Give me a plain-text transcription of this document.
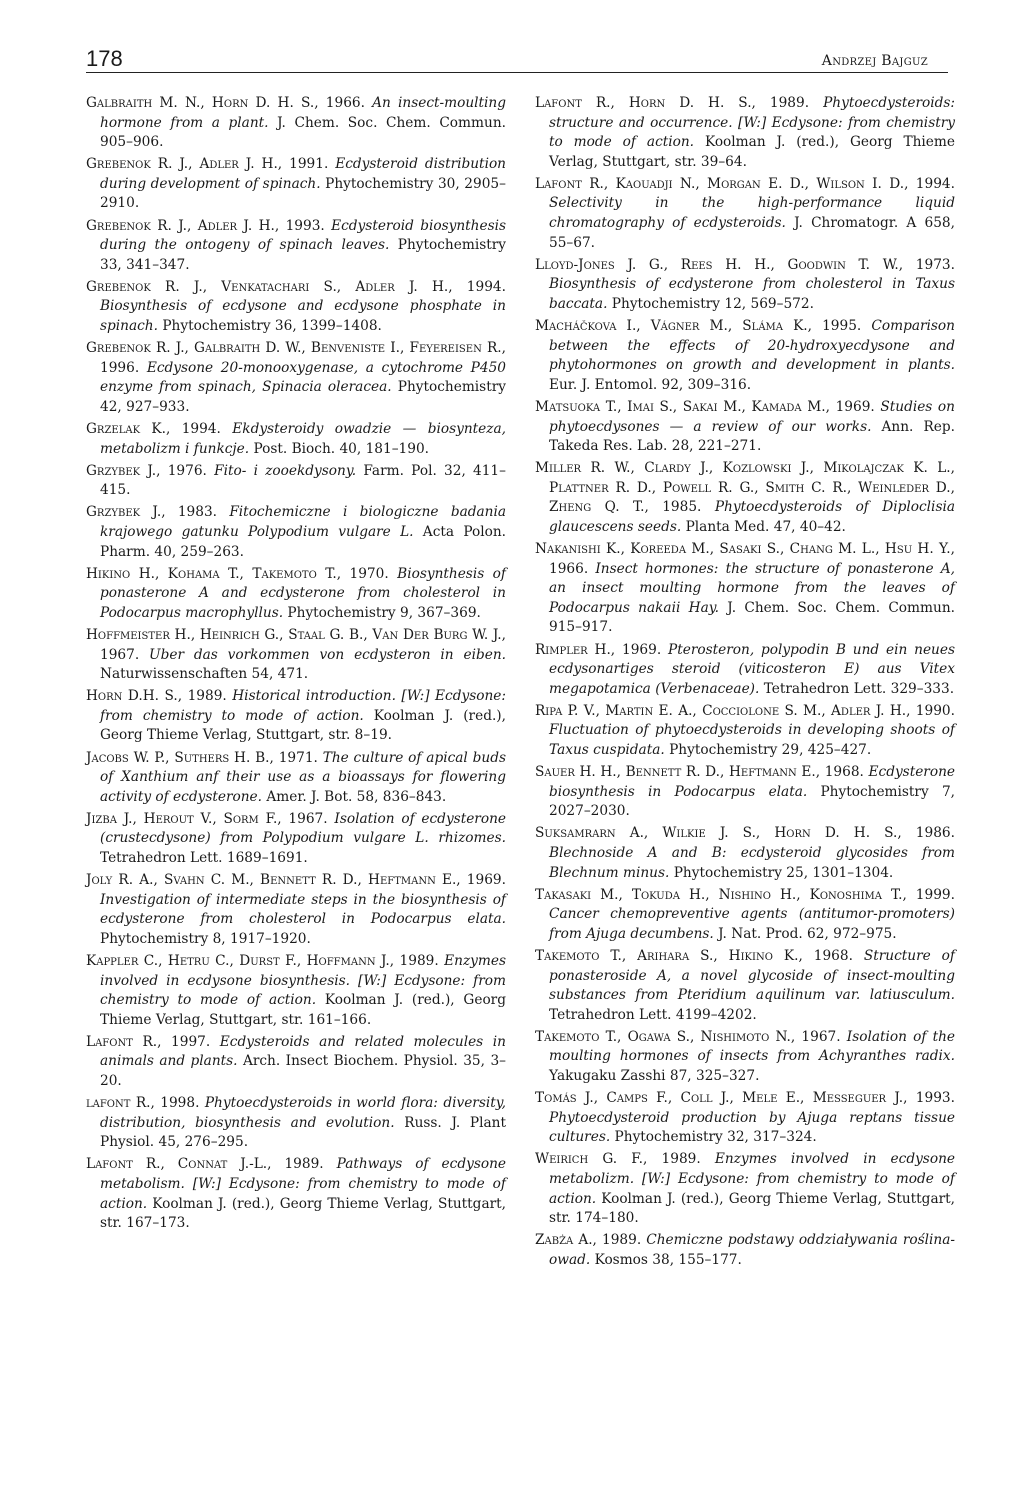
178	Andrzej Bajguz

Galbraith M. N., Horn D. H. S., 1966. An insect-moulting hormone from a plant. J. Chem. Soc. Chem. Commun. 905–906.

Grebenok R. J., Adler J. H., 1991. Ecdysteroid distribution during development of spinach. Phytochemistry 30, 2905–2910.

Grebenok R. J., Adler J. H., 1993. Ecdysteroid biosynthesis during the ontogeny of spinach leaves. Phytochemistry 33, 341–347.

Grebenok R. J., Venkatachari S., Adler J. H., 1994. Biosynthesis of ecdysone and ecdysone phosphate in spinach. Phytochemistry 36, 1399–1408.

Grebenok R. J., Galbraith D. W., Benveniste I., Feyereisen R., 1996. Ecdysone 20-monooxygenase, a cytochrome P450 enzyme from spinach, Spinacia oleracea. Phytochemistry 42, 927–933.

Grzelak K., 1994. Ekdysteroidy owadzie — biosynteza, metabolizm i funkcje. Post. Bioch. 40, 181–190.

Grzybek J., 1976. Fito- i zooekdysony. Farm. Pol. 32, 411–415.

Grzybek J., 1983. Fitochemiczne i biologiczne badania krajowego gatunku Polypodium vulgare L. Acta Polon. Pharm. 40, 259–263.

Hikino H., Kohama T., Takemoto T., 1970. Biosynthesis of ponasterone A and ecdysterone from cholesterol in Podocarpus macrophyllus. Phytochemistry 9, 367–369.

Hoffmeister H., Heinrich G., Staal G. B., Van Der Burg W. J., 1967. Uber das vorkommen von ecdysteron in eiben. Naturwissenschaften 54, 471.

Horn D.H. S., 1989. Historical introduction. [W:] Ecdysone: from chemistry to mode of action. Koolman J. (red.), Georg Thieme Verlag, Stuttgart, str. 8–19.

Jacobs W. P., Suthers H. B., 1971. The culture of apical buds of Xanthium anf their use as a bioassays for flowering activity of ecdysterone. Amer. J. Bot. 58, 836–843.

Jizba J., Herout V., Sorm F., 1967. Isolation of ecdysterone (crustecdysone) from Polypodium vulgare L. rhizomes. Tetrahedron Lett. 1689–1691.

Joly R. A., Svahn C. M., Bennett R. D., Heftmann E., 1969. Investigation of intermediate steps in the biosynthesis of ecdysterone from cholesterol in Podocarpus elata. Phytochemistry 8, 1917–1920.

Kappler C., Hetru C., Durst F., Hoffmann J., 1989. Enzymes involved in ecdysone biosynthesis. [W:] Ecdysone: from chemistry to mode of action. Koolman J. (red.), Georg Thieme Verlag, Stuttgart, str. 161–166.

Lafont R., 1997. Ecdysteroids and related molecules in animals and plants. Arch. Insect Biochem. Physiol. 35, 3–20.

lafont R., 1998. Phytoecdysteroids in world flora: diversity, distribution, biosynthesis and evolution. Russ. J. Plant Physiol. 45, 276–295.

Lafont R., Connat J.-L., 1989. Pathways of ecdysone metabolism. [W:] Ecdysone: from chemistry to mode of action. Koolman J. (red.), Georg Thieme Verlag, Stuttgart, str. 167–173.

Lafont R., Horn D. H. S., 1989. Phytoecdysteroids: structure and occurrence. [W:] Ecdysone: from chemistry to mode of action. Koolman J. (red.), Georg Thieme Verlag, Stuttgart, str. 39–64.

Lafont R., Kaouadji N., Morgan E. D., Wilson I. D., 1994. Selectivity in the high-performance liquid chromatography of ecdysteroids. J. Chromatogr. A 658, 55–67.

Lloyd-Jones J. G., Rees H. H., Goodwin T. W., 1973. Biosynthesis of ecdysterone from cholesterol in Taxus baccata. Phytochemistry 12, 569–572.

Macháčkova I., Vágner M., Sláma K., 1995. Comparison between the effects of 20-hydroxyecdysone and phytohormones on growth and development in plants. Eur. J. Entomol. 92, 309–316.

Matsuoka T., Imai S., Sakai M., Kamada M., 1969. Studies on phytoecdysones — a review of our works. Ann. Rep. Takeda Res. Lab. 28, 221–271.

Miller R. W., Clardy J., Kozlowski J., Mikolajczak K. L., Plattner R. D., Powell R. G., Smith C. R., Weinleder D., Zheng Q. T., 1985. Phytoecdysteroids of Diploclisia glaucescens seeds. Planta Med. 47, 40–42.

Nakanishi K., Koreeda M., Sasaki S., Chang M. L., Hsu H. Y., 1966. Insect hormones: the structure of ponasterone A, an insect moulting hormone from the leaves of Podocarpus nakaii Hay. J. Chem. Soc. Chem. Commun. 915–917.

Rimpler H., 1969. Pterosteron, polypodin B und ein neues ecdysonartiges steroid (viticosteron E) aus Vitex megapotamica (Verbenaceae). Tetrahedron Lett. 329–333.

Ripa P. V., Martin E. A., Cocciolone S. M., Adler J. H., 1990. Fluctuation of phytoecdysteroids in developing shoots of Taxus cuspidata. Phytochemistry 29, 425–427.

Sauer H. H., Bennett R. D., Heftmann E., 1968. Ecdysterone biosynthesis in Podocarpus elata. Phytochemistry 7, 2027–2030.

Suksamrarn A., Wilkie J. S., Horn D. H. S., 1986. Blechnoside A and B: ecdysteroid glycosides from Blechnum minus. Phytochemistry 25, 1301–1304.

Takasaki M., Tokuda H., Nishino H., Konoshima T., 1999. Cancer chemopreventive agents (antitumor-promoters) from Ajuga decumbens. J. Nat. Prod. 62, 972–975.

Takemoto T., Arihara S., Hikino K., 1968. Structure of ponasteroside A, a novel glycoside of insect-moulting substances from Pteridium aquilinum var. latiusculum. Tetrahedron Lett. 4199–4202.

Takemoto T., Ogawa S., Nishimoto N., 1967. Isolation of the moulting hormones of insects from Achyranthes radix. Yakugaku Zasshi 87, 325–327.

Tomás J., Camps F., Coll J., Mele E., Messeguer J., 1993. Phytoecdysteroid production by Ajuga reptans tissue cultures. Phytochemistry 32, 317–324.

Weirich G. F., 1989. Enzymes involved in ecdysone metabolizm. [W:] Ecdysone: from chemistry to mode of action. Koolman J. (red.), Georg Thieme Verlag, Stuttgart, str. 174–180.

Zabża A., 1989. Chemiczne podstawy oddziaływania roślina-owad. Kosmos 38, 155–177.
